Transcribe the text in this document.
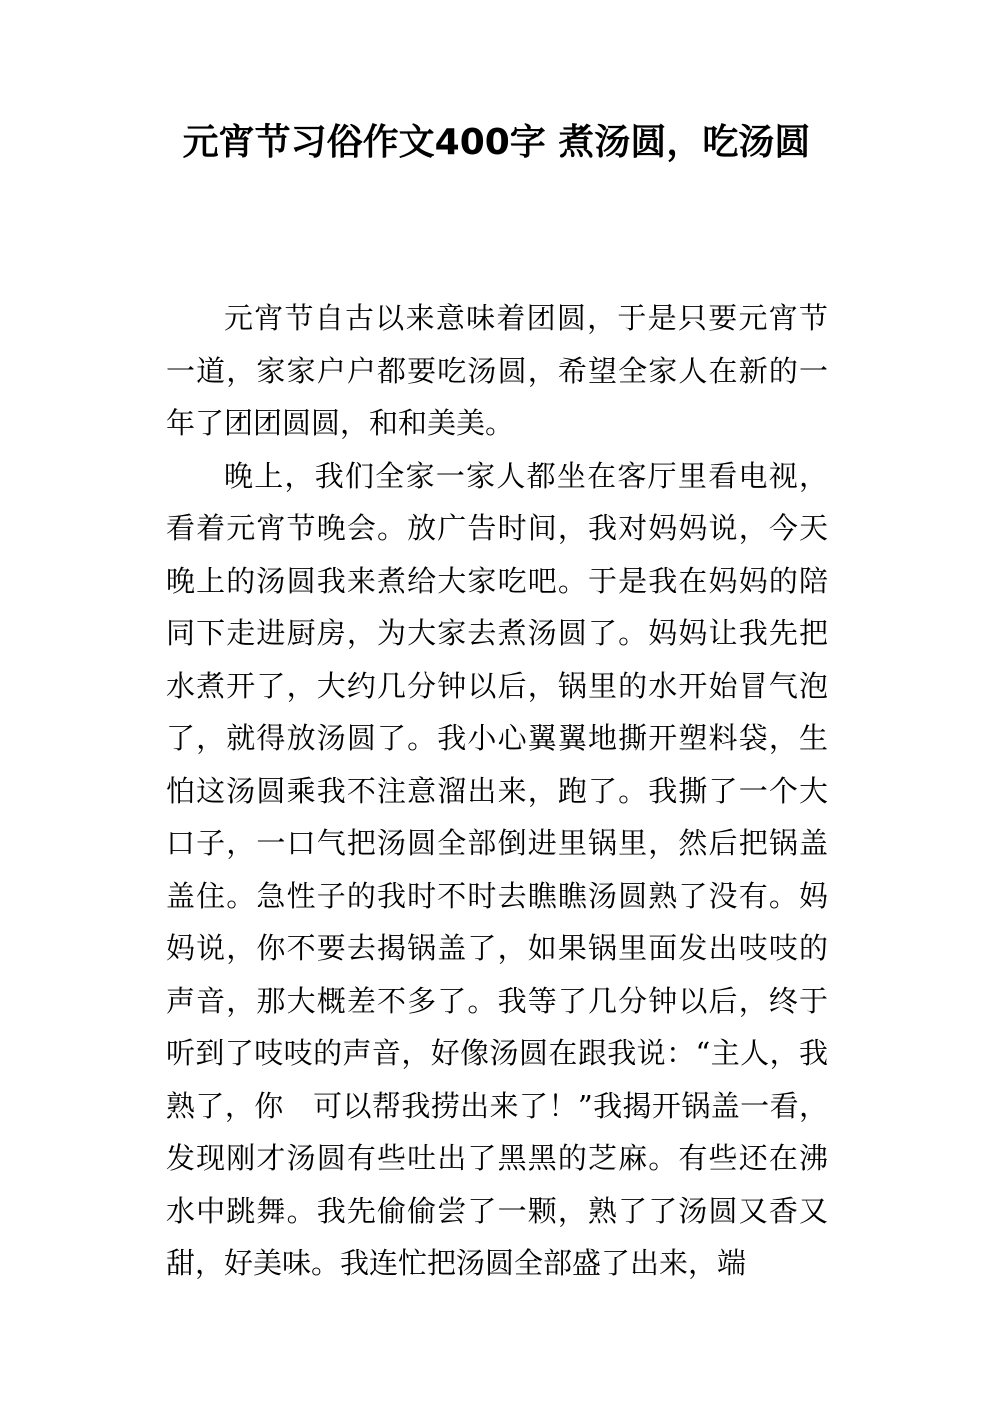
元宵节习俗作文400字 煮汤圆，吃汤圆

元宵节自古以来意味着团圆，于是只要元宵节一道，家家户户都要吃汤圆，希望全家人在新的一年了团团圆圆，和和美美。

晚上，我们全家一家人都坐在客厅里看电视，看着元宵节晚会。放广告时间，我对妈妈说，今天晚上的汤圆我来煮给大家吃吧。于是我在妈妈的陪同下走进厨房，为大家去煮汤圆了。妈妈让我先把水煮开了，大约几分钟以后，锅里的水开始冒气泡了，就得放汤圆了。我小心翼翼地撕开塑料袋，生怕这汤圆乘我不注意溜出来，跑了。我撕了一个大口子，一口气把汤圆全部倒进里锅里，然后把锅盖盖住。急性子的我时不时去瞧瞧汤圆熟了没有。妈妈说，你不要去揭锅盖了，如果锅里面发出吱吱的声音，那大概差不多了。我等了几分钟以后，终于听到了吱吱的声音，好像汤圆在跟我说：“主人，我熟了，你　可以帮我捞出来了！”我揭开锅盖一看，发现刚才汤圆有些吐出了黑黑的芝麻。有些还在沸水中跳舞。我先偷偷尝了一颗，熟了了汤圆又香又甜，好美味。我连忙把汤圆全部盛了出来，端
